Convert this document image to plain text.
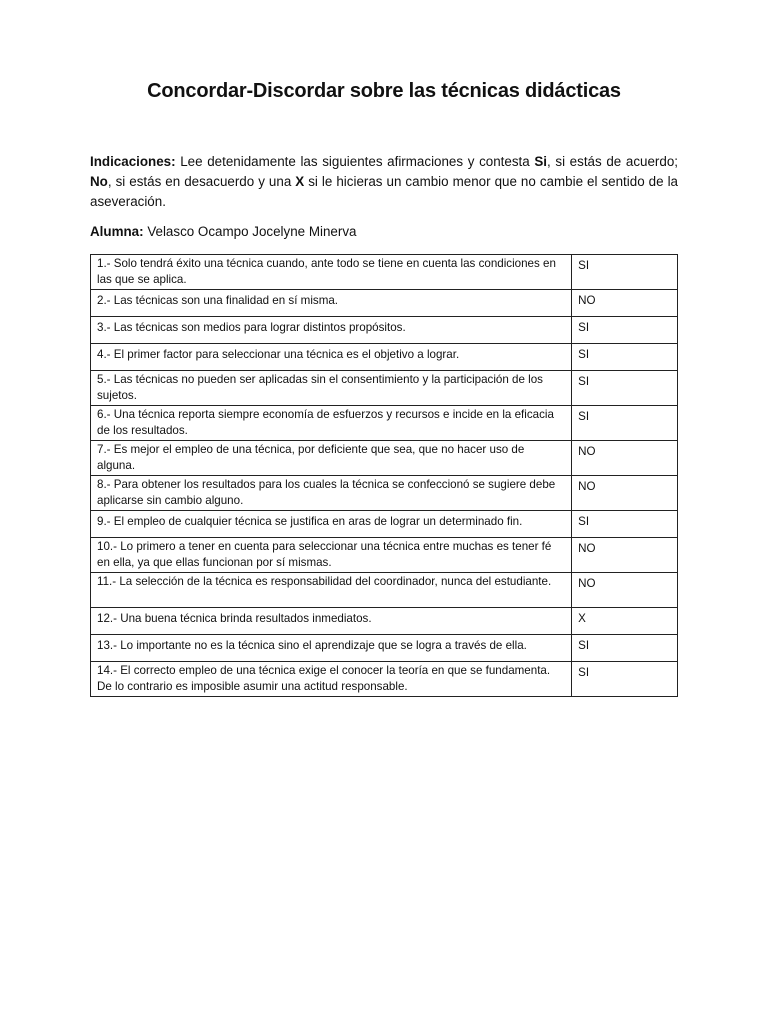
Concordar-Discordar sobre las técnicas didácticas
Indicaciones: Lee detenidamente las siguientes afirmaciones y contesta Si, si estás de acuerdo; No, si estás en desacuerdo y una X si le hicieras un cambio menor que no cambie el sentido de la aseveración.
Alumna: Velasco Ocampo Jocelyne Minerva
1.- Solo tendrá éxito una técnica cuando, ante todo se tiene en cuenta las condiciones en las que se aplica.	SI
2.- Las técnicas son una finalidad en sí misma.	NO
3.- Las técnicas son medios para lograr distintos propósitos.	SI
4.- El primer factor para seleccionar una técnica es el objetivo a lograr.	SI
5.- Las técnicas no pueden ser aplicadas sin el consentimiento y la participación de los sujetos.	SI
6.- Una técnica reporta siempre economía de esfuerzos y recursos e incide en la eficacia de los resultados.	SI
7.- Es mejor el empleo de una técnica, por deficiente que sea, que no hacer uso de alguna.	NO
8.- Para obtener los resultados para los cuales la técnica se confeccionó se sugiere debe aplicarse sin cambio alguno.	NO
9.- El empleo de cualquier técnica se justifica en aras de lograr un determinado fin.	SI
10.- Lo primero a tener en cuenta para seleccionar una técnica entre muchas es tener fé en ella, ya que ellas funcionan por sí mismas.	NO
11.- La selección de la técnica es responsabilidad del coordinador, nunca del estudiante.	NO
12.- Una buena técnica brinda resultados inmediatos.	X
13.- Lo importante no es la técnica sino el aprendizaje que se logra a través de ella.	SI
14.- El correcto empleo de una técnica exige el conocer la teoría en que se fundamenta. De lo contrario es imposible asumir una actitud responsable.	SI
